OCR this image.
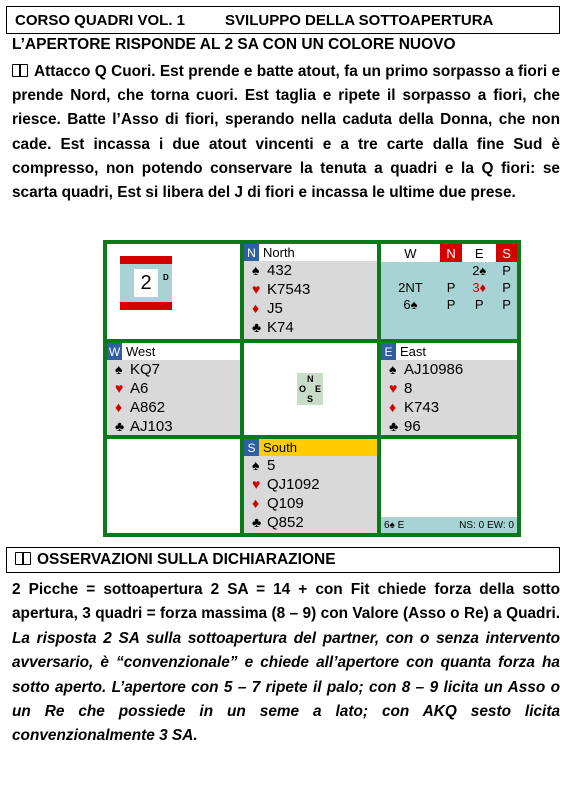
CORSO QUADRI VOL. 1	SVILUPPO DELLA SOTTOAPERTURA
L’APERTORE RISPONDE AL 2 SA CON UN COLORE NUOVO
Attacco Q Cuori. Est prende e batte atout, fa un primo sorpasso a fiori e prende Nord, che torna cuori. Est taglia e ripete il sorpasso a fiori, che riesce. Batte l’Asso di fiori, sperando nella caduta della Donna, che non cade. Est incassa i due atout vincenti e a tre carte dalla fine Sud è compresso, non potendo conservare la tenuta a quadri e la Q fiori: se scarta quadri, Est si libera del J di fiori e incassa le ultime due prese.
2	D
N North
♠ 432
♥ K7543
♦ J5
♣ K74
W	N	E	S
		2♠	P
2NT	P	3♦	P
6♠	P	P	P
W West
♠ KQ7
♥ A6
♦ A862
♣ AJ103
N
O E
S
E East
♠ AJ10986
♥ 8
♦ K743
♣ 96
S South
♠ 5
♥ QJ1092
♦ Q109
♣ Q852	6♠ E	NS: 0 EW: 0
OSSERVAZIONI SULLA DICHIARAZIONE
2 Picche = sottoapertura 2 SA = 14 + con Fit chiede forza della sotto apertura, 3 quadri = forza massima (8 – 9) con Valore (Asso o Re) a Quadri. La risposta 2 SA sulla sottoapertura del partner, con o senza intervento avversario, è “convenzionale” e chiede all’apertore con quanta forza ha sotto aperto. L’apertore con 5 – 7 ripete il palo; con 8 – 9 licita un Asso o un Re che possiede in un seme a lato; con AKQ sesto licita convenzionalmente 3 SA.
